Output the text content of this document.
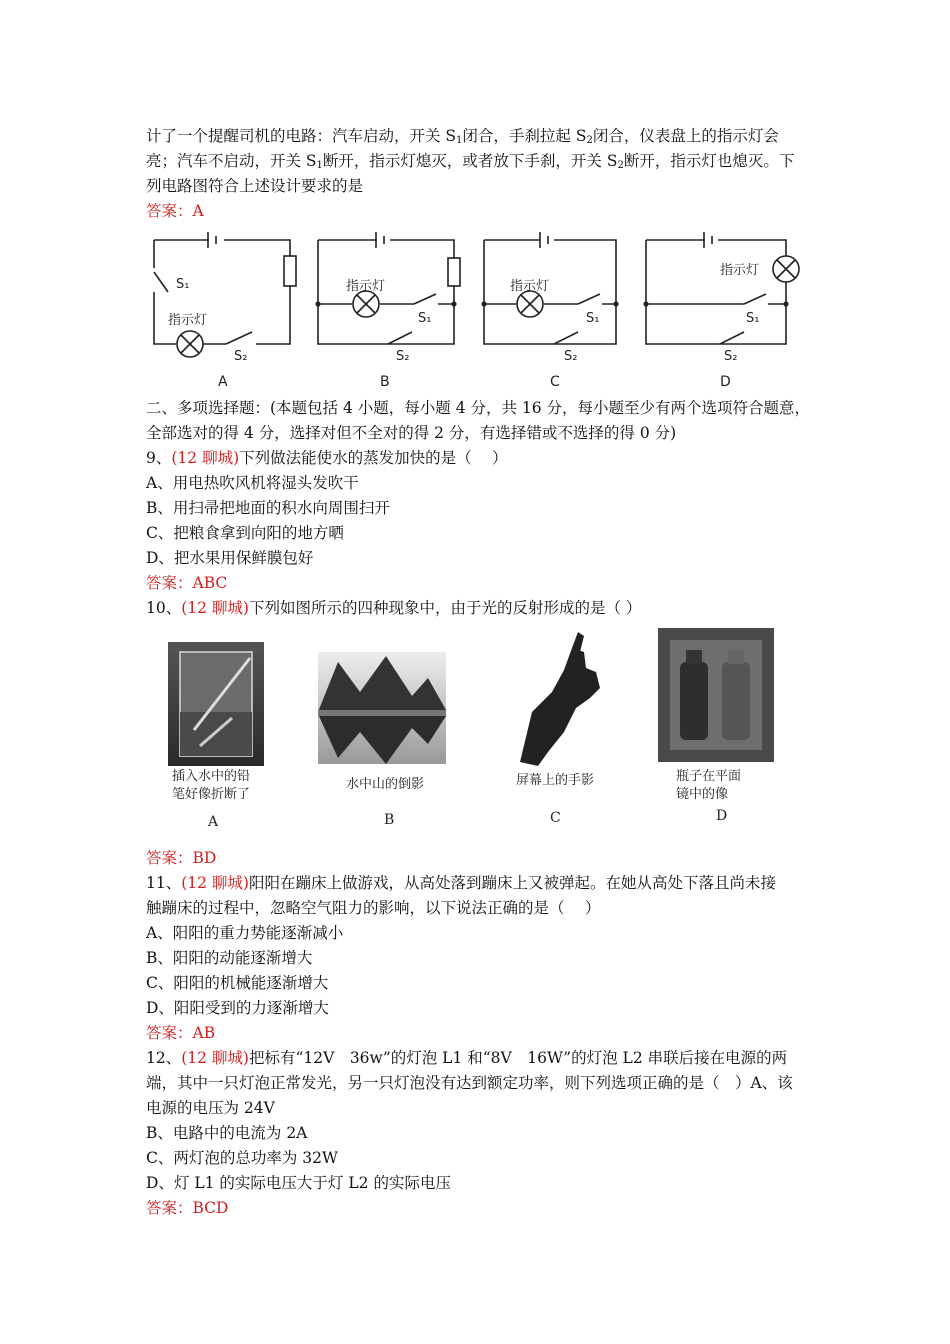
计了一个提醒司机的电路：汽车启动，开关 $S_1$闭合，手刹拉起 $S_2$闭合，仪表盘上的指示灯会
亮；汽车不启动，开关 $S_1$断开，指示灯熄灭，或者放下手刹，开关 $S_2$断开，指示灯也熄灭。下
列电路图符合上述设计要求的是
答案：A
S₁
指示灯
S₂
指示灯
S₁
S₂
指示灯
S₁
S₂
指示灯
S₁
S₂
A	B	C	D
二、多项选择题：(本题包括 4 小题，每小题 4 分，共 16 分，每小题至少有两个选项符合题意，
全部选对的得 4 分，选择对但不全对的得 2 分，有选择错或不选择的得 0 分)
9、(12 聊城)下列做法能使水的蒸发加快的是（　 ）
A、用电热吹风机将湿头发吹干
B、用扫帚把地面的积水向周围扫开
C、把粮食拿到向阳的地方晒
D、把水果用保鲜膜包好
答案：ABC
10、(12 聊城)下列如图所示的四种现象中，由于光的反射形成的是（ ）
插入水中的铅
笔好像折断了
水中山的倒影	屏幕上的手影	瓶子在平面
镜中的像
A	B	C	D
答案：BD
11、(12 聊城)阳阳在蹦床上做游戏，从高处落到蹦床上又被弹起。在她从高处下落且尚未接
触蹦床的过程中，忽略空气阻力的影响，以下说法正确的是（　 ）
A、阳阳的重力势能逐渐减小
B、阳阳的动能逐渐增大
C、阳阳的机械能逐渐增大
D、阳阳受到的力逐渐增大
答案：AB
12、(12 聊城)把标有“12V　36w”的灯泡 L1 和“8V　16W”的灯泡 L2 串联后接在电源的两
端，其中一只灯泡正常发光，另一只灯泡没有达到额定功率，则下列选项正确的是（　）A、该
电源的电压为 24V
B、电路中的电流为 2A
C、两灯泡的总功率为 32W
D、灯 L1 的实际电压大于灯 L2 的实际电压
答案：BCD
